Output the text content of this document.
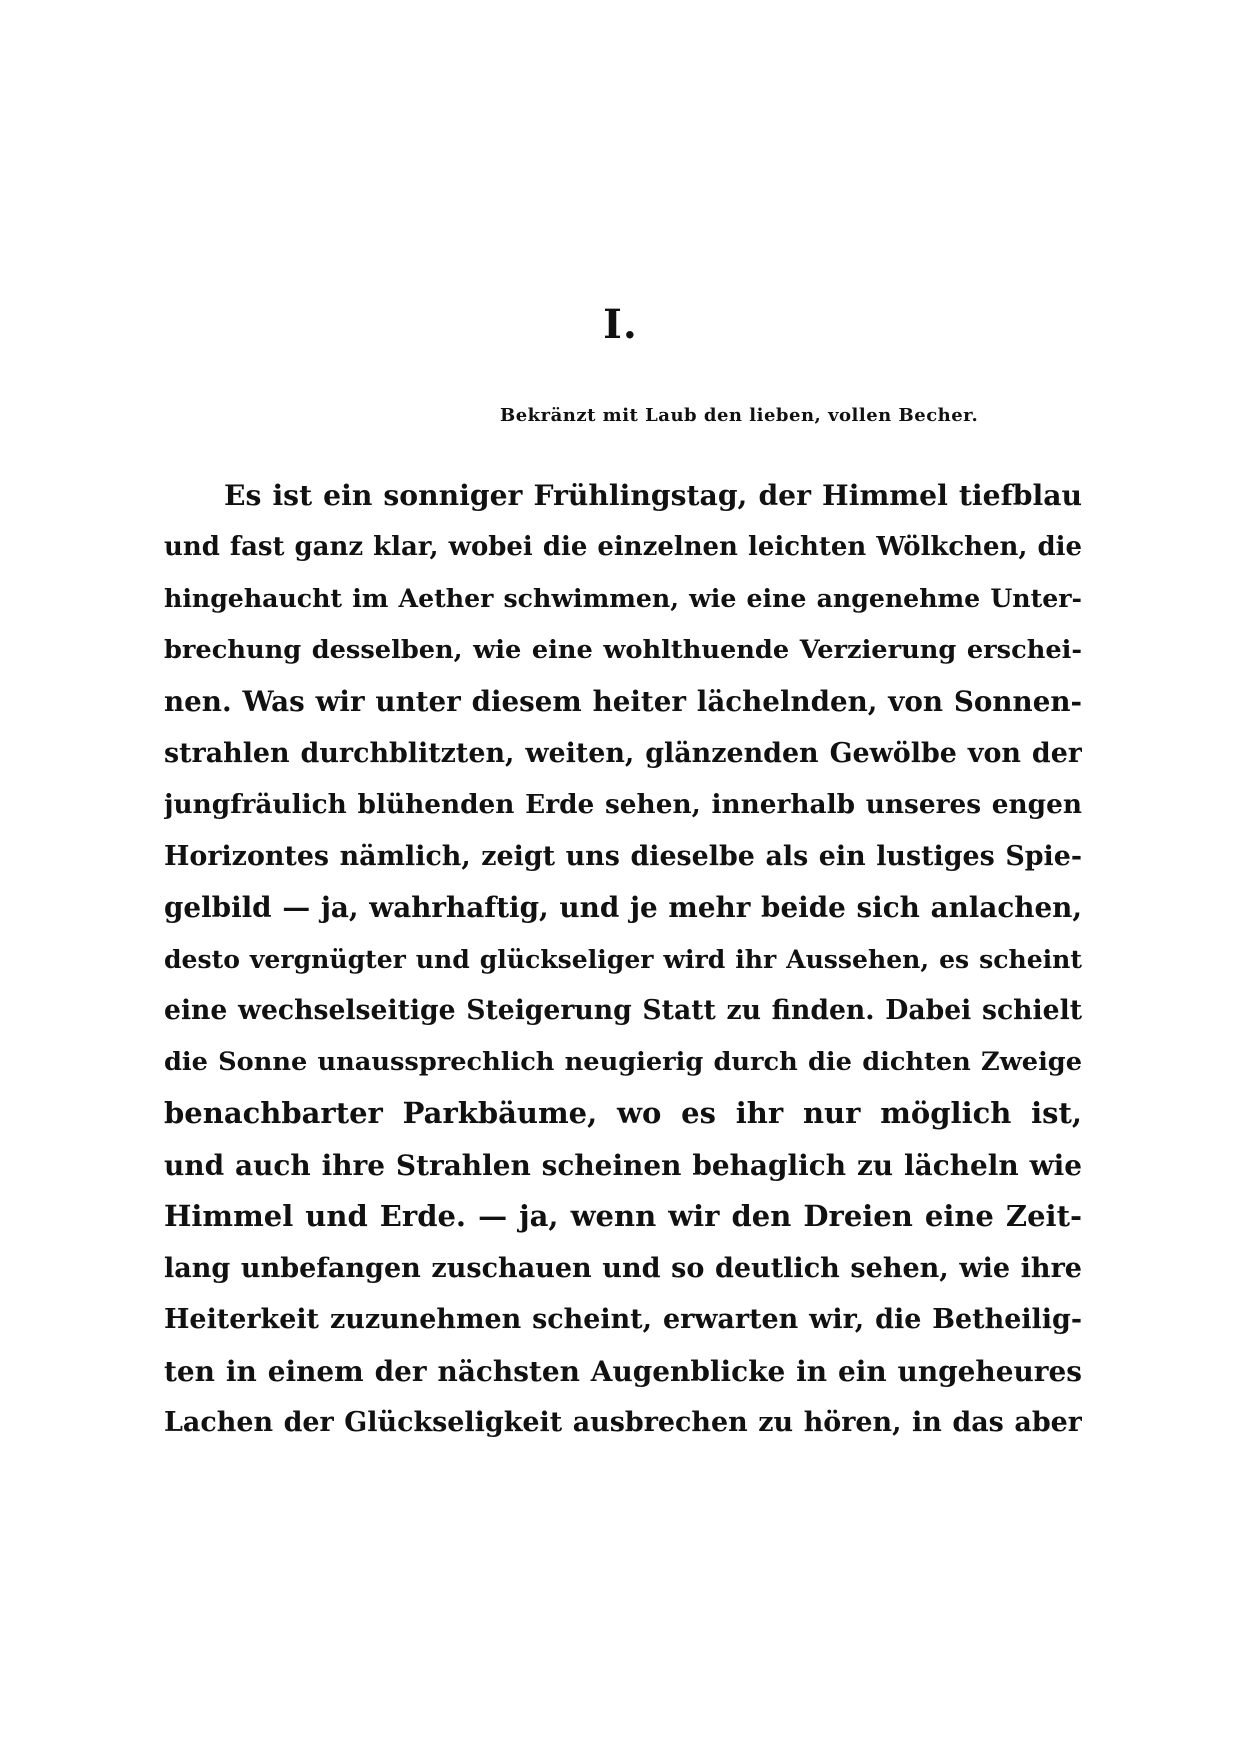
I.
Bekränzt mit Laub den lieben, vollen Becher.
Es ist ein sonniger Frühlingstag, der Himmel tiefblau
und fast ganz klar, wobei die einzelnen leichten Wölkchen, die
hingehaucht im Aether schwimmen, wie eine angenehme Unter-
brechung desselben, wie eine wohlthuende Verzierung erschei-
nen. Was wir unter diesem heiter lächelnden, von Sonnen-
strahlen durchblitzten, weiten, glänzenden Gewölbe von der
jungfräulich blühenden Erde sehen, innerhalb unseres engen
Horizontes nämlich, zeigt uns dieselbe als ein lustiges Spie-
gelbild — ja, wahrhaftig, und je mehr beide sich anlachen,
desto vergnügter und glückseliger wird ihr Aussehen, es scheint
eine wechselseitige Steigerung Statt zu finden. Dabei schielt
die Sonne unaussprechlich neugierig durch die dichten Zweige
benachbarter Parkbäume, wo es ihr nur möglich ist,
und auch ihre Strahlen scheinen behaglich zu lächeln wie
Himmel und Erde. — ja, wenn wir den Dreien eine Zeit-
lang unbefangen zuschauen und so deutlich sehen, wie ihre
Heiterkeit zuzunehmen scheint, erwarten wir, die Betheilig-
ten in einem der nächsten Augenblicke in ein ungeheures
Lachen der Glückseligkeit ausbrechen zu hören, in das aber
